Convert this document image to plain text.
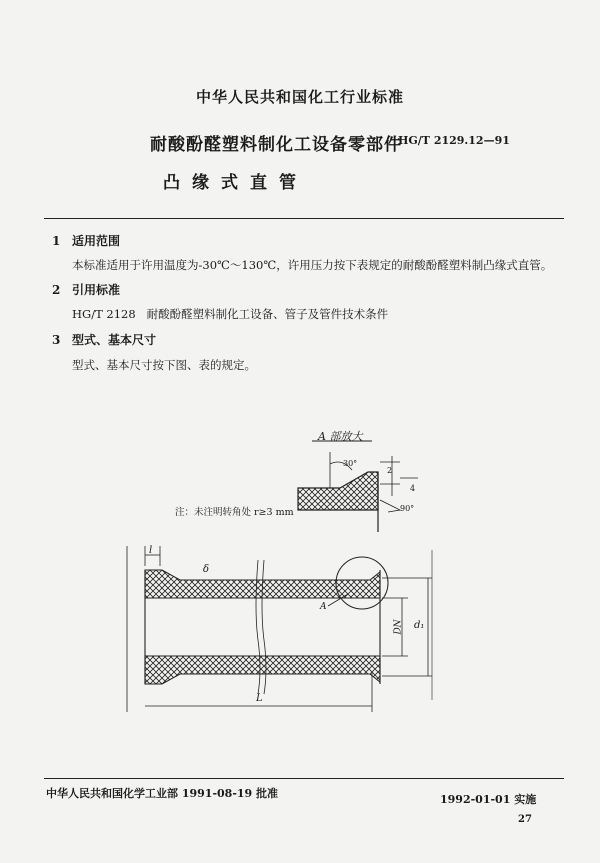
中华人民共和国化工行业标准
耐酸酚醛塑料制化工设备零部件
HG/T 2129.12—91
凸缘式直管
1 适用范围
本标准适用于许用温度为-30℃～130℃，许用压力按下表规定的耐酸酚醛塑料制凸缘式直管。
2 引用标准
HG/T 2128   耐酸酚醛塑料制化工设备、管子及管件技术条件
3 型式、基本尺寸
型式、基本尺寸按下图、表的规定。
A 部放大
30°
2
4
90°
注：未注明转角处 r≥3 mm
l
δ
A
DN d₁
L
中华人民共和国化学工业部 1991-08-19 批准	1992-01-01 实施
27
